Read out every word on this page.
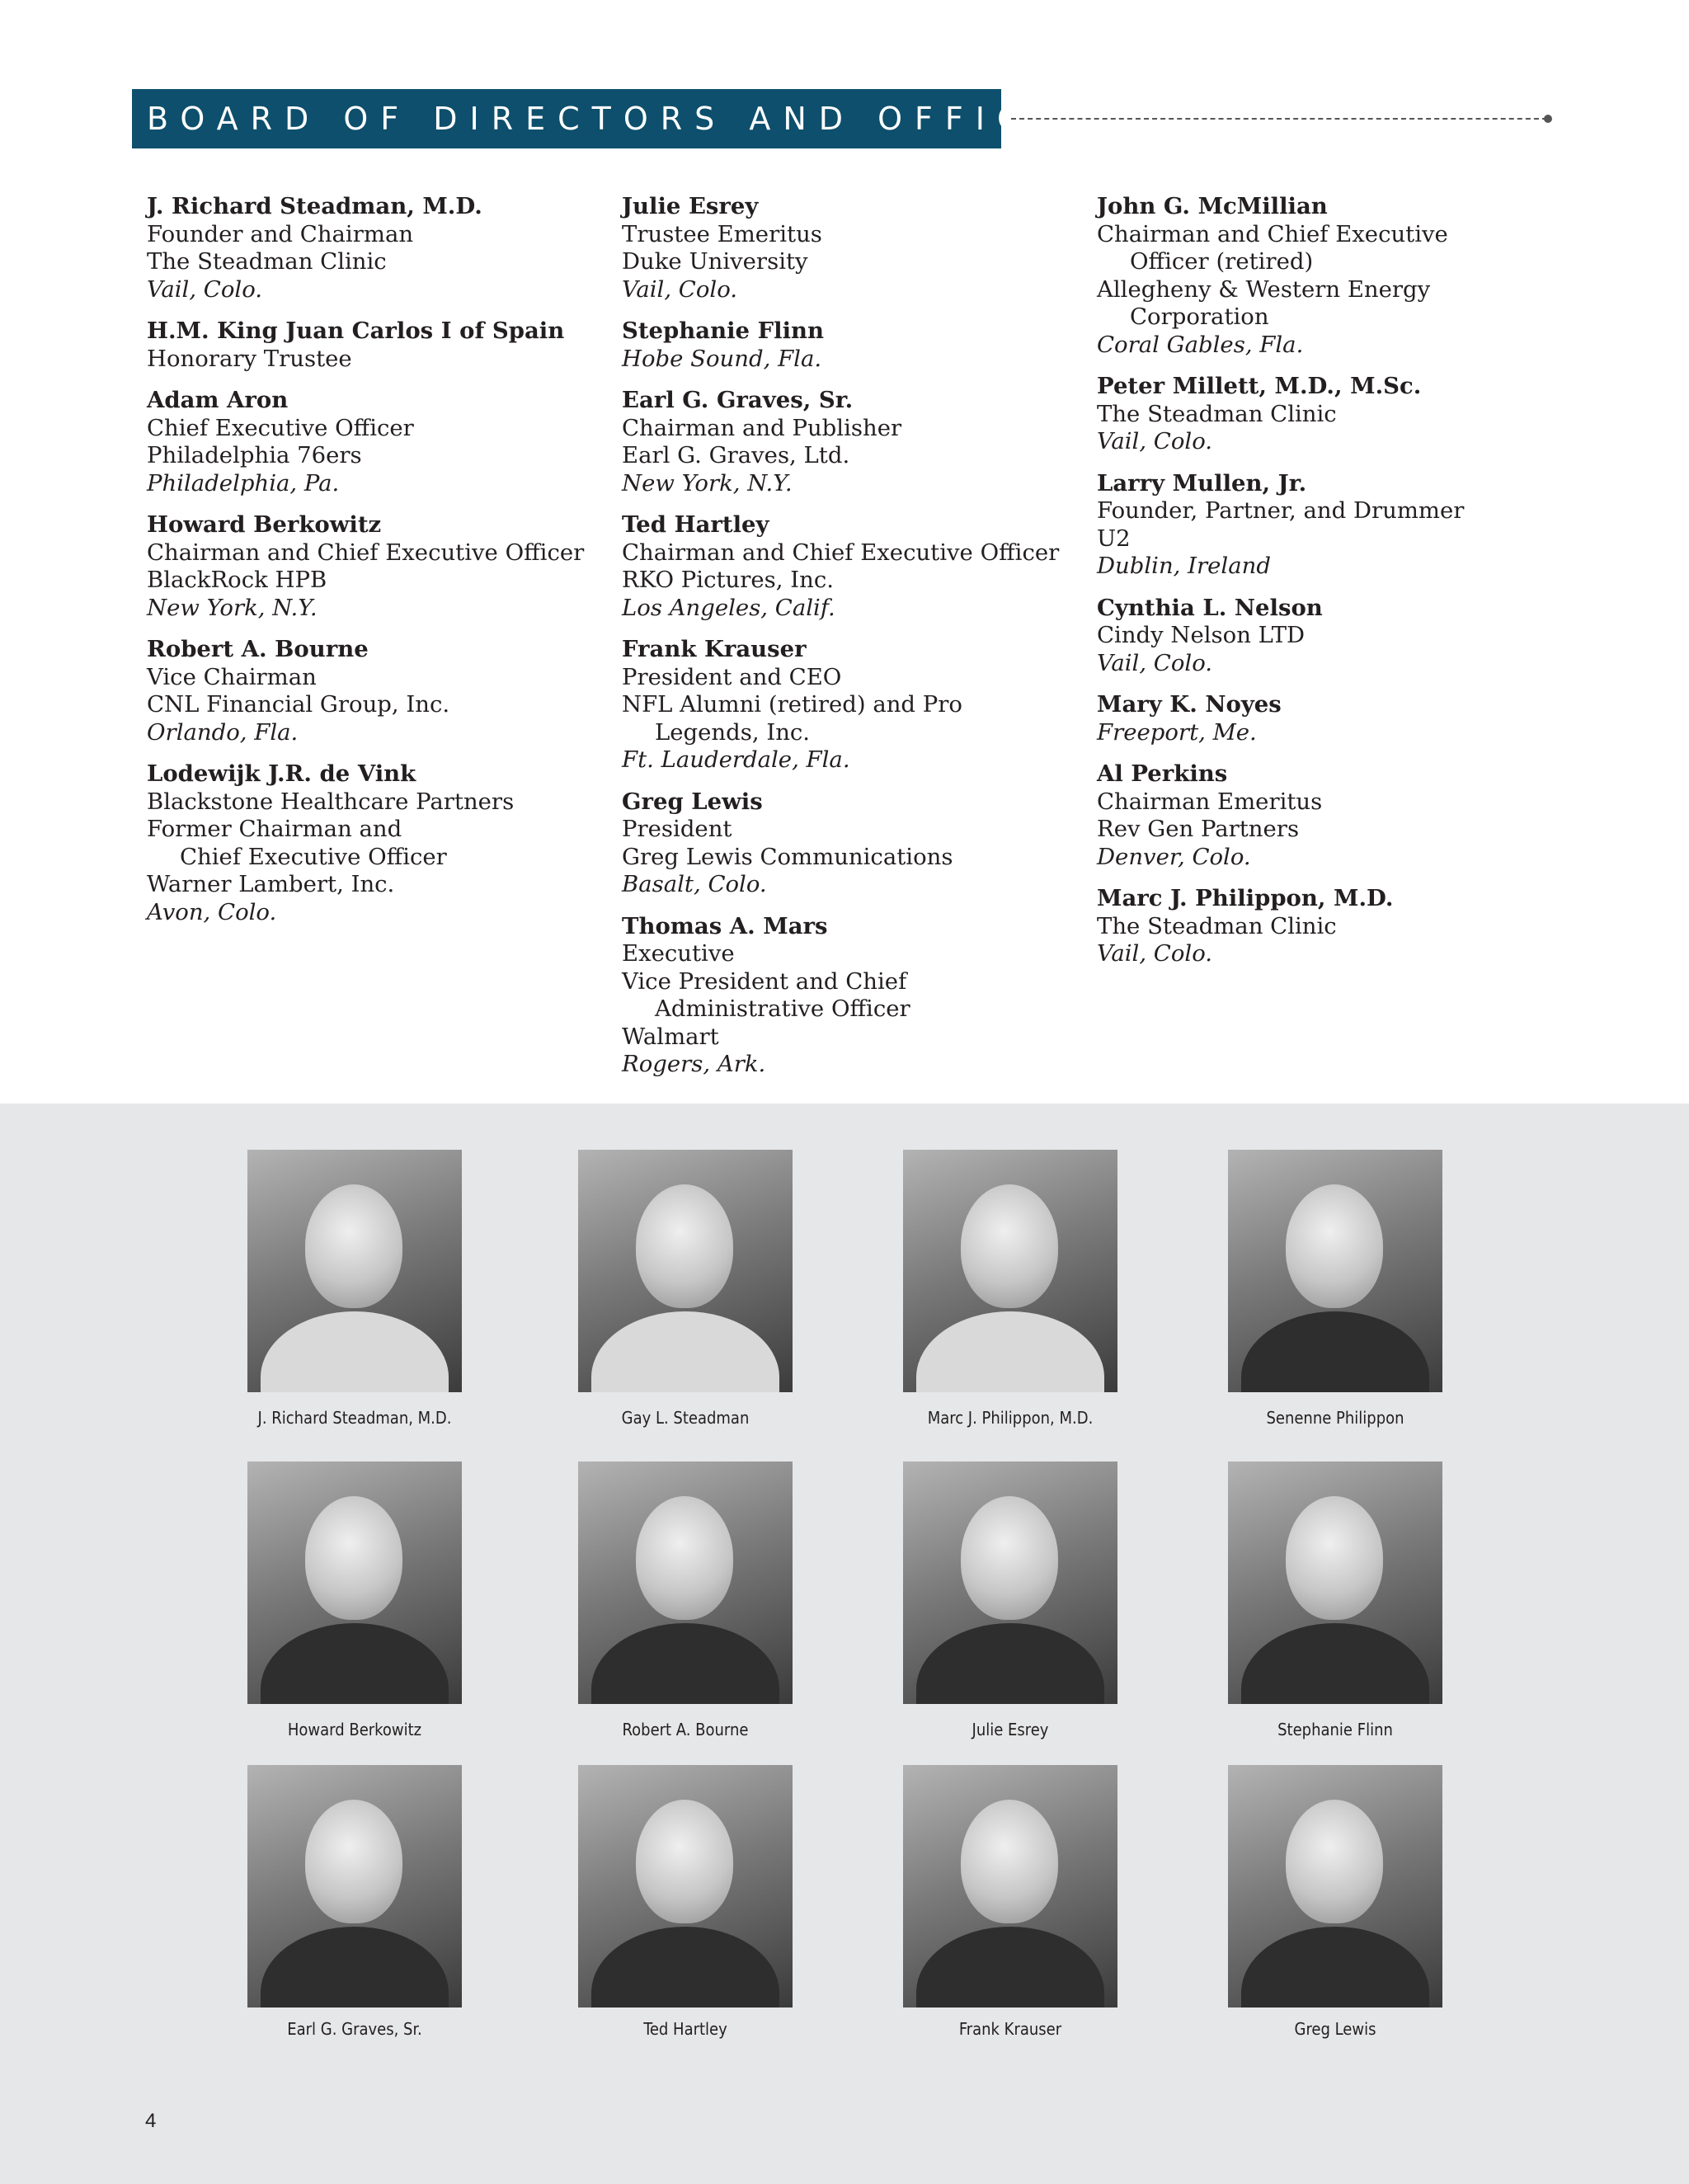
BOARD OF DIRECTORS AND OFFICERS
J. Richard Steadman, M.D.
Founder and Chairman
The Steadman Clinic
Vail, Colo.
H.M. King Juan Carlos I of Spain
Honorary Trustee
Adam Aron
Chief Executive Officer
Philadelphia 76ers
Philadelphia, Pa.
Howard Berkowitz
Chairman and Chief Executive Officer
BlackRock HPB
New York, N.Y.
Robert A. Bourne
Vice Chairman
CNL Financial Group, Inc.
Orlando, Fla.
Lodewijk J.R. de Vink
Blackstone Healthcare Partners
Former Chairman and
Chief Executive Officer
Warner Lambert, Inc.
Avon, Colo.
Julie Esrey
Trustee Emeritus
Duke University
Vail, Colo.
Stephanie Flinn
Hobe Sound, Fla.
Earl G. Graves, Sr.
Chairman and Publisher
Earl G. Graves, Ltd.
New York, N.Y.
Ted Hartley
Chairman and Chief Executive Officer
RKO Pictures, Inc.
Los Angeles, Calif.
Frank Krauser
President and CEO
NFL Alumni (retired) and Pro
Legends, Inc.
Ft. Lauderdale, Fla.
Greg Lewis
President
Greg Lewis Communications
Basalt, Colo.
Thomas A. Mars
Executive
Vice President and Chief
Administrative Officer
Walmart
Rogers, Ark.
John G. McMillian
Chairman and Chief Executive
Officer (retired)
Allegheny & Western Energy
Corporation
Coral Gables, Fla.
Peter Millett, M.D., M.Sc.
The Steadman Clinic
Vail, Colo.
Larry Mullen, Jr.
Founder, Partner, and Drummer
U2
Dublin, Ireland
Cynthia L. Nelson
Cindy Nelson LTD
Vail, Colo.
Mary K. Noyes
Freeport, Me.
Al Perkins
Chairman Emeritus
Rev Gen Partners
Denver, Colo.
Marc J. Philippon, M.D.
The Steadman Clinic
Vail, Colo.
J. Richard Steadman, M.D.	Gay L. Steadman	Marc J. Philippon, M.D.	Senenne Philippon
Howard Berkowitz	Robert A. Bourne	Julie Esrey	Stephanie Flinn
Earl G. Graves, Sr.	Ted Hartley	Frank Krauser	Greg Lewis
4
